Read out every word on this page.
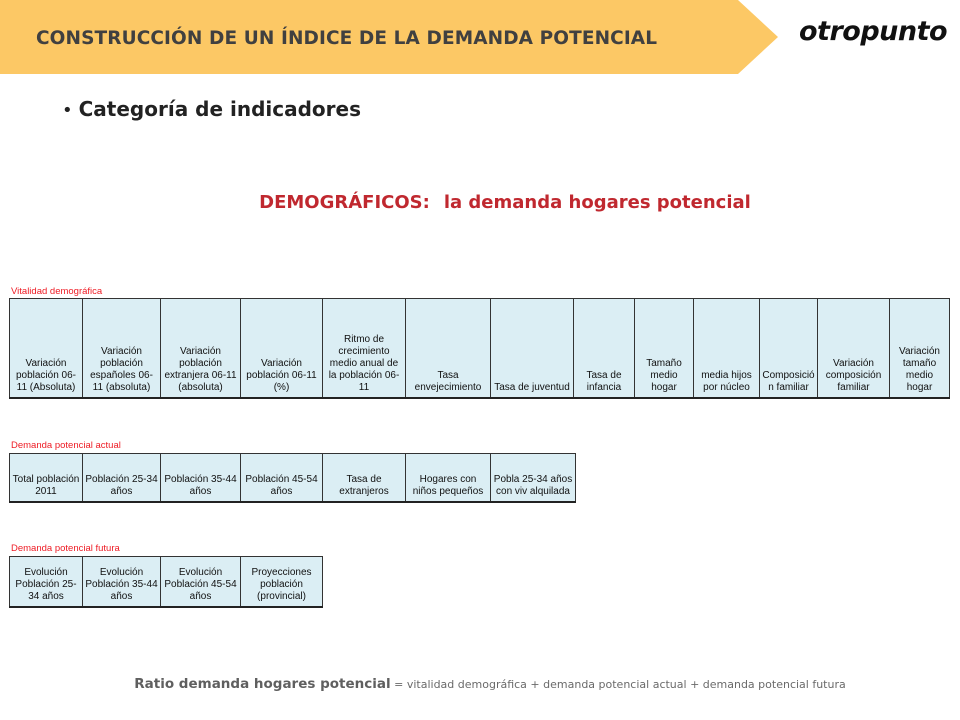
CONSTRUCCIÓN DE UN ÍNDICE DE LA DEMANDA POTENCIAL	otropunto
• Categoría de indicadores
DEMOGRÁFICOS: la demanda hogares potencial
Vitalidad demográfica
Variación población 06-11 (Absoluta)	Variación población españoles 06-11 (absoluta)	Variación población extranjera 06-11 (absoluta)	Variación población 06-11 (%)	Ritmo de crecimiento medio anual de la población 06-11	Tasa envejecimiento	Tasa de juventud	Tasa de infancia	Tamaño medio hogar	media hijos por núcleo	Composición familiar	Variación composición familiar	Variación tamaño medio hogar
Demanda potencial actual
Total población 2011	Población 25-34 años	Población 35-44 años	Población 45-54 años	Tasa de extranjeros	Hogares con niños pequeños	Pobla 25-34 años con viv alquilada
Demanda potencial futura
Evolución Población 25-34 años	Evolución Población 35-44 años	Evolución Población 45-54 años	Proyecciones población (provincial)
Ratio demanda hogares potencial = vitalidad demográfica + demanda potencial actual + demanda potencial futura
